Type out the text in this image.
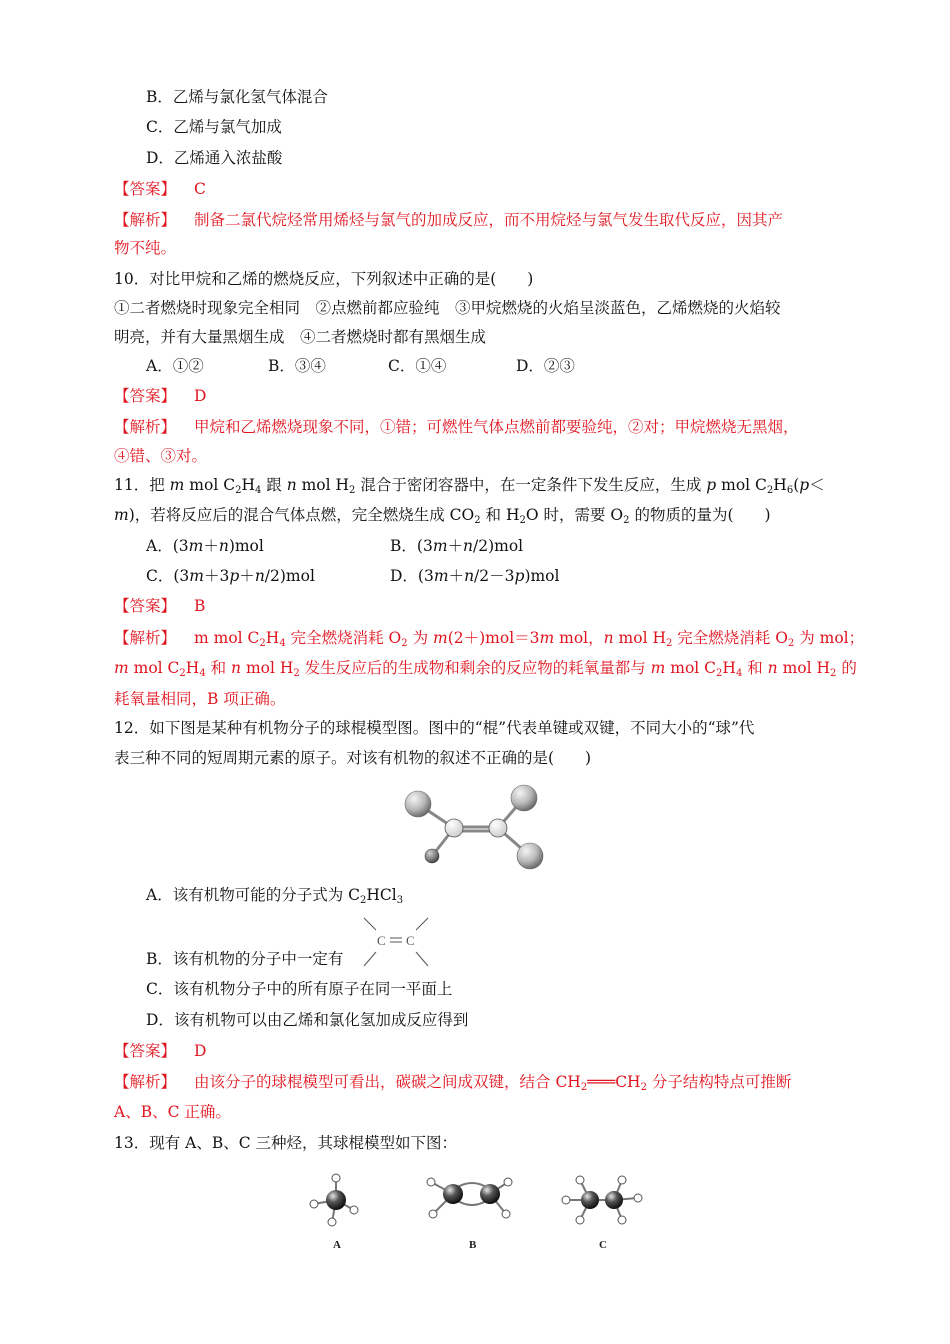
B．乙烯与氯化氢气体混合
C．乙烯与氯气加成
D．乙烯通入浓盐酸
【答案】 C
【解析】 制备二氯代烷烃常用烯烃与氯气的加成反应，而不用烷烃与氯气发生取代反应，因其产
物不纯。
10．对比甲烷和乙烯的燃烧反应，下列叙述中正确的是(　　)
①二者燃烧时现象完全相同　②点燃前都应验纯　③甲烷燃烧的火焰呈淡蓝色，乙烯燃烧的火焰较
明亮，并有大量黑烟生成　④二者燃烧时都有黑烟生成
A．①②	B．③④	C．①④	D．②③
【答案】 D
【解析】 甲烷和乙烯燃烧现象不同，①错；可燃性气体点燃前都要验纯，②对；甲烷燃烧无黑烟，
④错、③对。
11．把 m mol $C_2H_4$ 跟 n mol $H_2$ 混合于密闭容器中，在一定条件下发生反应，生成 p mol $C_2H_6(p<$
m)，若将反应后的混合气体点燃，完全燃烧生成 $CO_2$ 和 $H_2O$ 时，需要 $O_2$ 的物质的量为(　　)
A．(3m＋n)mol	B．(3m＋n/2)mol
C．(3m＋3p＋n/2)mol	D．(3m＋n/2－3p)mol
【答案】 B
【解析】 m mol $C_2H_4$ 完全燃烧消耗 $O_2$ 为 m(2＋)mol＝3m mol，n mol $H_2$ 完全燃烧消耗 $O_2$ 为 mol；
m mol $C_2H_4$ 和 n mol $H_2$ 发生反应后的生成物和剩余的反应物的耗氧量都与 m mol $C_2H_4$ 和 n mol $H_2$ 的
耗氧量相同，B 项正确。
12．如下图是某种有机物分子的球棍模型图。图中的“棍”代表单键或双键，不同大小的“球”代
表三种不同的短周期元素的原子。对该有机物的叙述不正确的是(　　)
A．该有机物可能的分子式为 $C_2HCl_3$
B．该有机物的分子中一定有
C C
C．该有机物分子中的所有原子在同一平面上
D．该有机物可以由乙烯和氯化氢加成反应得到
【答案】 D
【解析】 由该分子的球棍模型可看出，碳碳之间成双键，结合 $CH_2═══CH_2$ 分子结构特点可推断
A、B、C 正确。
13．现有 A、B、C 三种烃，其球棍模型如下图：
A	B	C
